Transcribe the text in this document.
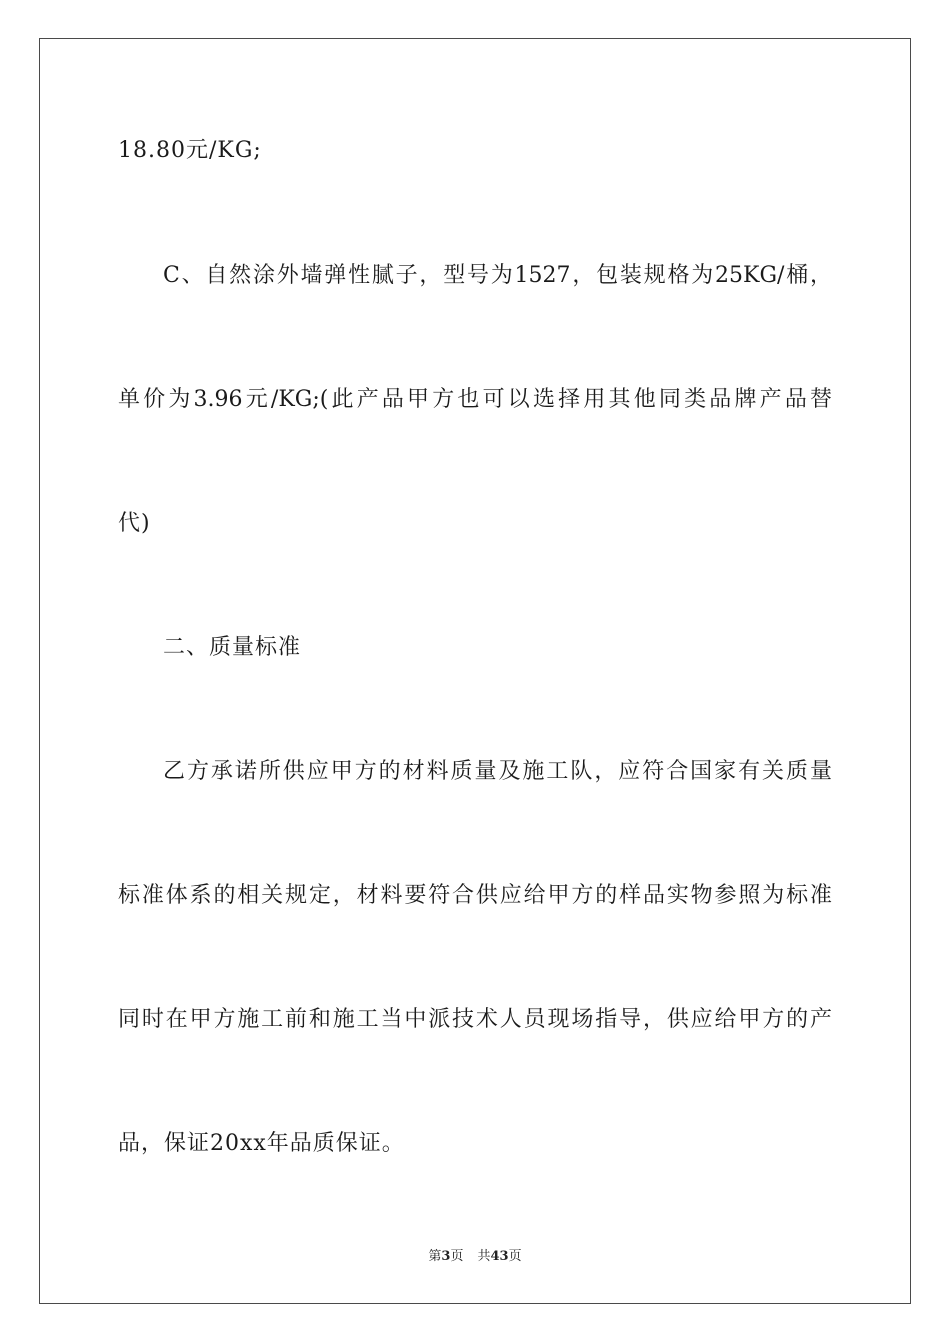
18.80元/KG;
C、自然涂外墙弹性腻子，型号为1527，包装规格为25KG/桶，
单价为3.96元/KG;(此产品甲方也可以选择用其他同类品牌产品替
代)
二、质量标准
乙方承诺所供应甲方的材料质量及施工队，应符合国家有关质量
标准体系的相关规定，材料要符合供应给甲方的样品实物参照为标准
同时在甲方施工前和施工当中派技术人员现场指导，供应给甲方的产
品，保证20xx年品质保证。
第3页 共43页
